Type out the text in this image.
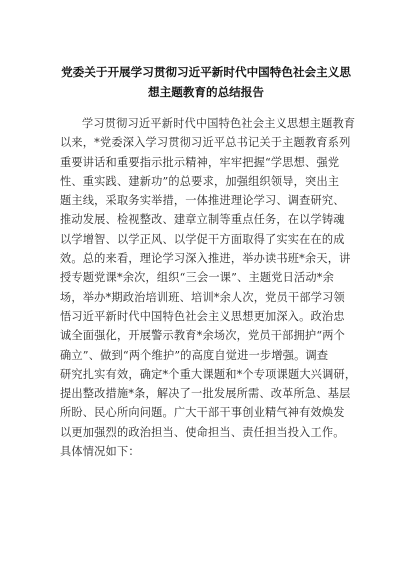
党委关于开展学习贯彻习近平新时代中国特色社会主义思
想主题教育的总结报告

学习贯彻习近平新时代中国特色社会主义思想主题教育

以来，*党委深入学习贯彻习近平总书记关于主题教育系列

重要讲话和重要指示批示精神，牢牢把握“学思想、强党

性、重实践、建新功”的总要求，加强组织领导，突出主

题主线，采取务实举措，一体推进理论学习、调查研究、

推动发展、检视整改、建章立制等重点任务，在以学铸魂

以学增智、以学正风、以学促干方面取得了实实在在的成

效。总的来看，理论学习深入推进，举办读书班*余天，讲

授专题党课*余次，组织“三会一课”、主题党日活动*余

场，举办*期政治培训班、培训*余人次，党员干部学习领

悟习近平新时代中国特色社会主义思想更加深入。政治忠

诚全面强化，开展警示教育*余场次，党员干部拥护“两个

确立”、做到“两个维护”的高度自觉进一步增强。调查

研究扎实有效，确定*个重大课题和*个专项课题大兴调研，

提出整改措施*条，解决了一批发展所需、改革所急、基层

所盼、民心所向问题。广大干部干事创业精气神有效焕发

以更加强烈的政治担当、使命担当、责任担当投入工作。

具体情况如下：
